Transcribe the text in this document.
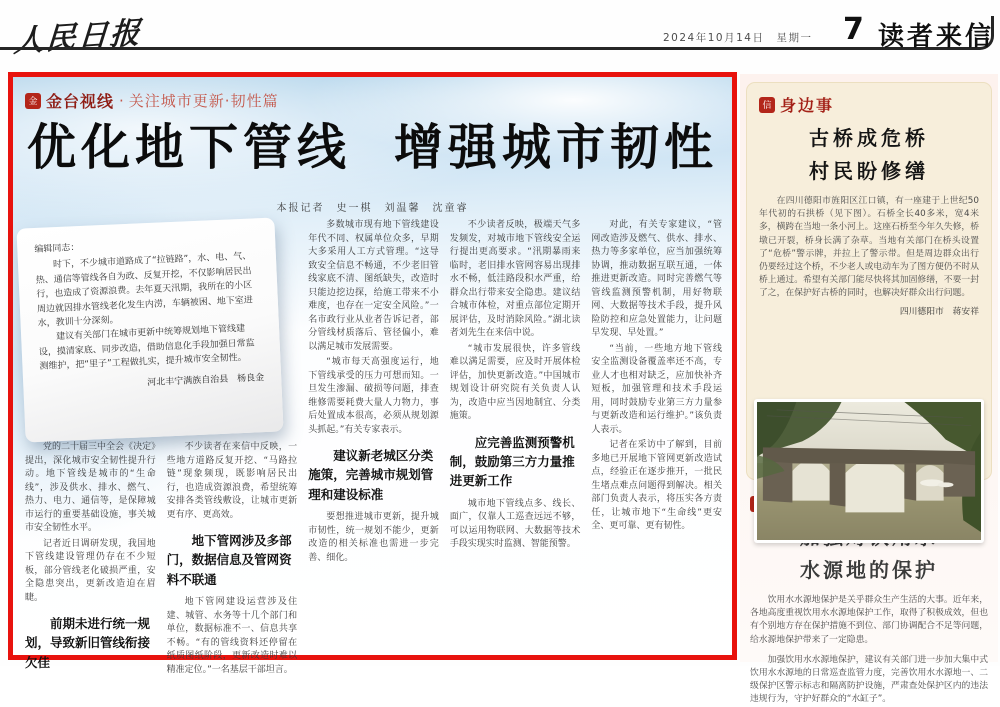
人民日报	2024年10月14日　星期一 7 读者来信
金 金台视线 · 关注城市更新·韧性篇
优化地下管线 增强城市韧性
本报记者　史一棋　刘温馨　沈童睿

党的二十届三中全会《决定》提出，深化城市安全韧性提升行动。地下管线是城市的“生命线”，涉及供水、排水、燃气、热力、电力、通信等，是保障城市运行的重要基础设施，事关城市安全韧性水平。

记者近日调研发现，我国地下管线建设管理仍存在不少短板，部分管线老化破损严重，安全隐患突出，更新改造迫在眉睫。

前期未进行统一规划，导致新旧管线衔接欠佳

不少读者在来信中反映，一些地方道路反复开挖、“马路拉链”现象频现，既影响居民出行，也造成资源浪费，希望统筹安排各类管线敷设，让城市更新更有序、更高效。

地下管网涉及多部门，数据信息及管网资料不联通

地下管网建设运营涉及住建、城管、水务等十几个部门和单位，数据标准不一、信息共享不畅。“有的管线资料还停留在纸质图纸阶段，更新改造时难以精准定位。”一名基层干部坦言。

多数城市现有地下管线建设年代不同、权属单位众多，早期大多采用人工方式管理。“这导致安全信息不畅通，不少老旧管线家底不清、图纸缺失，改造时只能边挖边探，给施工带来不小难度，也存在一定安全风险。”一名市政行业从业者告诉记者，部分管线材质落后、管径偏小，难以满足城市发展需要。

“城市每天高强度运行，地下管线承受的压力可想而知。一旦发生渗漏、破损等问题，排查维修需要耗费大量人力物力，事后处置成本很高，必须从规划源头抓起。”有关专家表示。

建议新老城区分类施策，完善城市规划管理和建设标准

要想推进城市更新，提升城市韧性，统一规划不能少，更新改造的相关标准也需进一步完善、细化。

不少读者反映，极端天气多发频发，对城市地下管线安全运行提出更高要求。“汛期暴雨来临时，老旧排水管网容易出现排水不畅，低洼路段积水严重，给群众出行带来安全隐患。建议结合城市体检，对重点部位定期开展评估，及时消除风险。”湖北读者刘先生在来信中说。

“城市发展很快，许多管线难以满足需要，应及时开展体检评估，加快更新改造。”中国城市规划设计研究院有关负责人认为，改造中应当因地制宜、分类施策。

应完善监测预警机制，鼓励第三方力量推进更新工作

城市地下管线点多、线长、面广，仅靠人工巡查远远不够，可以运用物联网、大数据等技术手段实现实时监测、智能预警。

对此，有关专家建议，“管网改造涉及燃气、供水、排水、热力等多家单位，应当加强统筹协调，推动数据互联互通，一体推进更新改造。同时完善燃气等管线监测预警机制，用好物联网、大数据等技术手段，提升风险防控和应急处置能力，让问题早发现、早处置。”

“当前，一些地方地下管线安全监测设备覆盖率还不高，专业人才也相对缺乏，应加快补齐短板，加强管理和技术手段运用，同时鼓励专业第三方力量参与更新改造和运行维护。”该负责人表示。

记者在采访中了解到，目前多地已开展地下管网更新改造试点，经验正在逐步推开，一批民生堵点难点问题得到解决。相关部门负责人表示，将压实各方责任，让城市地下“生命线”更安全、更可靠、更有韧性。

编辑同志：

时下，不少城市道路成了“拉链路”，水、电、气、热、通信等管线各自为政、反复开挖，不仅影响居民出行，也造成了资源浪费。去年夏天汛期，我所在的小区周边就因排水管线老化发生内涝，车辆被困、地下室进水，教训十分深刻。

建议有关部门在城市更新中统筹规划地下管线建设，摸清家底、同步改造，借助信息化手段加强日常监测维护，把“里子”工程做扎实，提升城市安全韧性。

河北丰宁满族自治县　杨良金

信 身边事
古桥成危桥
村民盼修缮

在四川德阳市旌阳区江口镇，有一座建于上世纪50年代初的石拱桥（见下图）。石桥全长40多米，宽4米多，横跨在当地一条小河上。这座石桥至今年久失修，桥墩已开裂，桥身长满了杂草。当地有关部门在桥头设置了“危桥”警示牌，并拉上了警示带。但是周边群众出行仍要经过这个桥，不少老人或电动车为了图方便仍不时从桥上通过。希望有关部门能尽快将其加固修缮，不要一封了之，在保护好古桥的同时，也解决好群众出行问题。

四川德阳市　蒋安祥

水源地的保护

饮用水水源地保护是关乎群众生产生活的大事。近年来，各地高度重视饮用水水源地保护工作，取得了积极成效，但也有个别地方存在保护措施不到位、部门协调配合不足等问题，给水源地保护带来了一定隐患。

加强饮用水水源地保护，建议有关部门进一步加大集中式饮用水水源地的日常巡查监管力度，完善饮用水水源地一、二级保护区警示标志和隔离防护设施，严肃查处保护区内的违法违规行为，守护好群众的“水缸子”。
